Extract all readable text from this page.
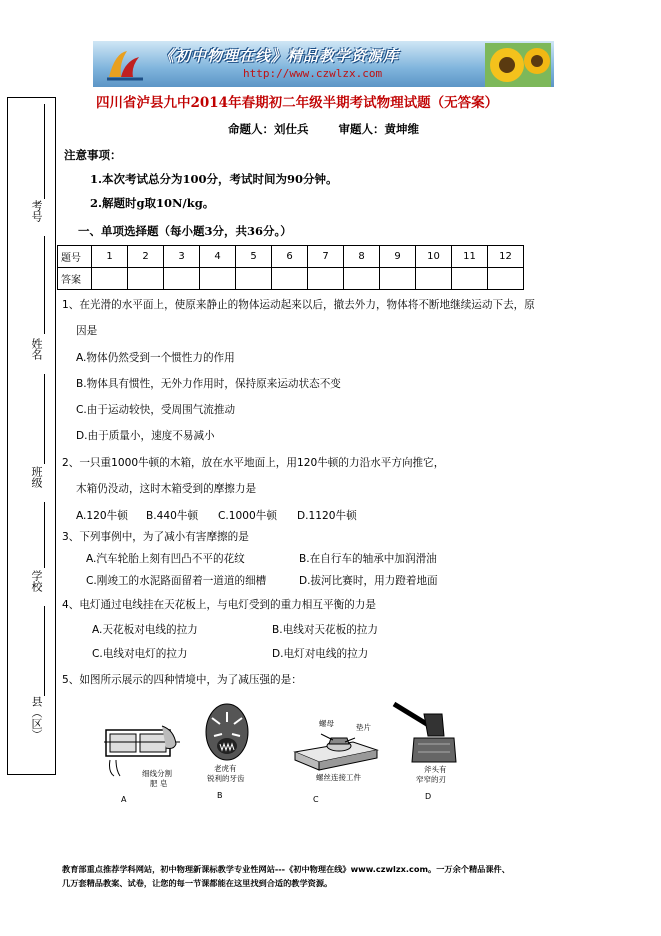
《初中物理在线》精品教学资源库
http://www.czwlzx.com
考号
姓名
班级
学校
县（区）
四川省泸县九中2014年春期初二年级半期考试物理试题（无答案）
命题人：刘仕兵	审题人：黄坤维
注意事项：
1.本次考试总分为100分，考试时间为90分钟。
2.解题时g取10N/kg。
一、单项选择题（每小题3分，共36分。）
题号	1	2	3	4	5	6	7	8	9	10	11	12
答案												
1、在光滑的水平面上，使原来静止的物体运动起来以后，撤去外力，物体将不断地继续运动下去，原
因是
A.物体仍然受到一个惯性力的作用
B.物体具有惯性，无外力作用时，保持原来运动状态不变
C.由于运动较快，受周围气流推动
D.由于质量小，速度不易减小
2、一只重1000牛顿的木箱，放在水平地面上，用120牛顿的力沿水平方向推它，
木箱仍没动，这时木箱受到的摩擦力是
A.120牛顿 B.440牛顿 C.1000牛顿 D.1120牛顿
3、下列事例中，为了减小有害摩擦的是
A.汽车轮胎上刻有凹凸不平的花纹	B.在自行车的轴承中加润滑油
C.刚竣工的水泥路面留着一道道的细槽	D.拔河比赛时，用力蹬着地面
4、电灯通过电线挂在天花板上，与电灯受到的重力相互平衡的力是
A.天花板对电线的拉力	B.电线对天花板的拉力
C.电线对电灯的拉力	D.电灯对电线的拉力
5、如图所示展示的四种情境中，为了减压强的是：
细线分割
肥 皂
A
老虎有
锐利的牙齿
B
螺母	垫片
螺丝连接工件
C
斧头有
窄窄的刃
D
教育部重点推荐学科网站，初中物理新课标教学专业性网站---《初中物理在线》www.czwlzx.com。一万余个精品课件、
几万套精品教案、试卷，让您的每一节课都能在这里找到合适的教学资源。
